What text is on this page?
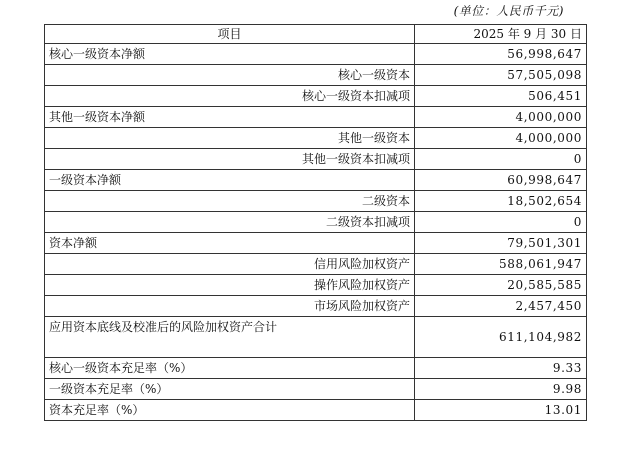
(单位：人民币千元)
项目	2025 年 9 月 30 日
核心一级资本净额	56,998,647
核心一级资本	57,505,098
核心一级资本扣减项	506,451
其他一级资本净额	4,000,000
其他一级资本	4,000,000
其他一级资本扣减项	0
一级资本净额	60,998,647
二级资本	18,502,654
二级资本扣减项	0
资本净额	79,501,301
信用风险加权资产	588,061,947
操作风险加权资产	20,585,585
市场风险加权资产	2,457,450
应用资本底线及校准后的风险加权资产合计	611,104,982
核心一级资本充足率（%）	9.33
一级资本充足率（%）	9.98
资本充足率（%）	13.01
